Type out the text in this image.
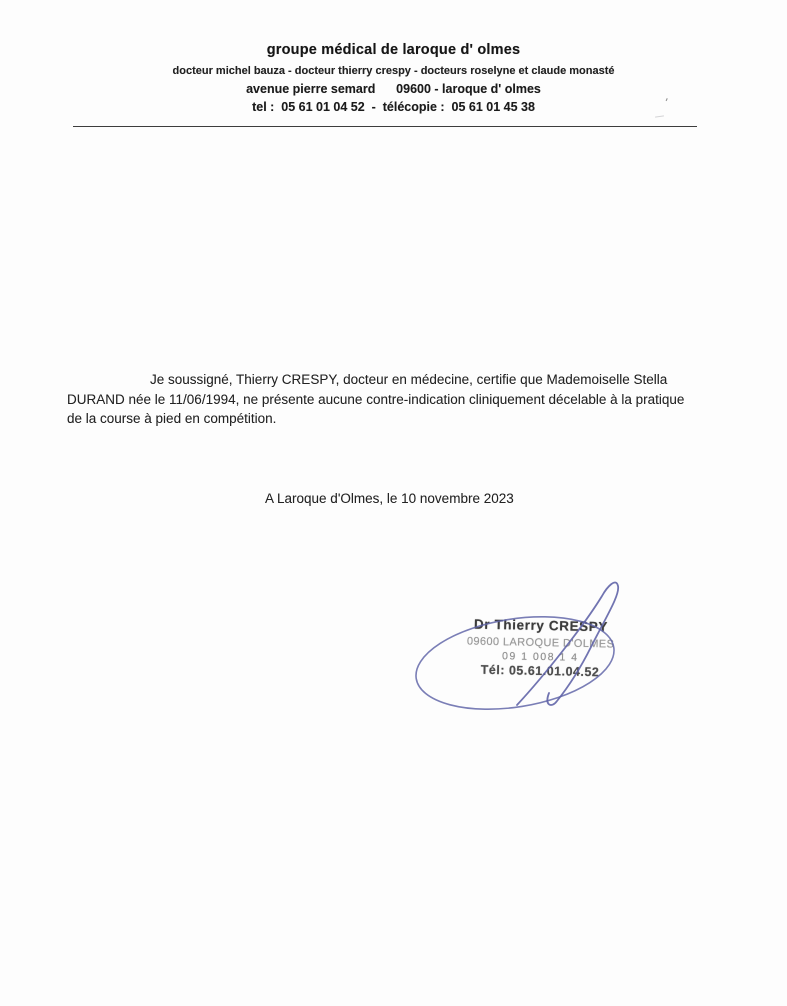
groupe médical de laroque d' olmes
docteur michel bauza - docteur thierry crespy - docteurs roselyne et claude monasté
avenue pierre semard      09600 - laroque d' olmes
tel :  05 61 01 04 52  -  télécopie :  05 61 01 45 38	'
Je soussigné, Thierry CRESPY, docteur en médecine, certifie que Mademoiselle Stella
DURAND née le 11/06/1994, ne présente aucune contre-indication cliniquement décelable à la pratique
de la course à pied en compétition.
A Laroque d'Olmes, le 10 novembre 2023
Dr Thierry CRESPY
09600 LAROQUE D'OLMES
09 1 008 1 4
Tél: 05.61.01.04.52
